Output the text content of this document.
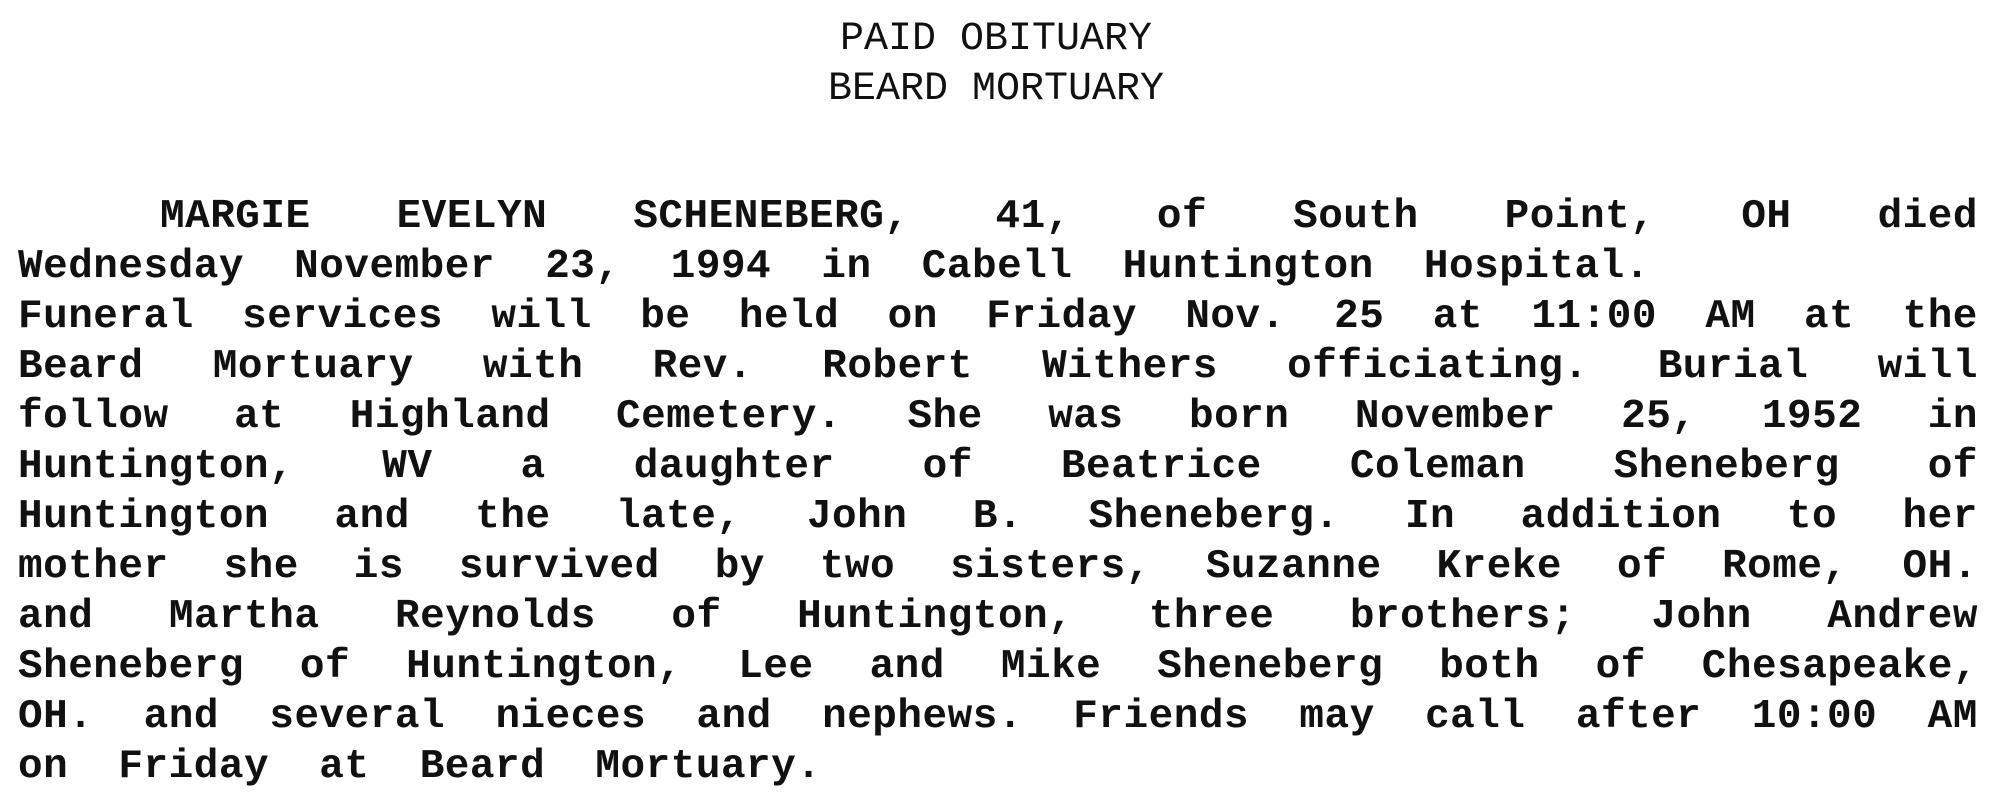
PAID OBITUARY
BEARD MORTUARY
MARGIE EVELYN SCHENEBERG, 41, of South Point, OH died
Wednesday  November  23,  1994  in  Cabell  Huntington  Hospital.
Funeral services will be held on Friday Nov. 25 at 11:00 AM at the
Beard Mortuary with Rev. Robert Withers officiating. Burial will
follow at Highland Cemetery. She was born November 25, 1952 in
Huntington, WV a daughter of Beatrice Coleman Sheneberg of
Huntington and the late, John B. Sheneberg. In addition to her
mother she is survived by two sisters, Suzanne Kreke of Rome, OH.
and Martha Reynolds of Huntington, three brothers; John Andrew
Sheneberg of Huntington, Lee and Mike Sheneberg both of Chesapeake,
OH. and several nieces and nephews. Friends may call after 10:00 AM
on  Friday  at  Beard  Mortuary.
